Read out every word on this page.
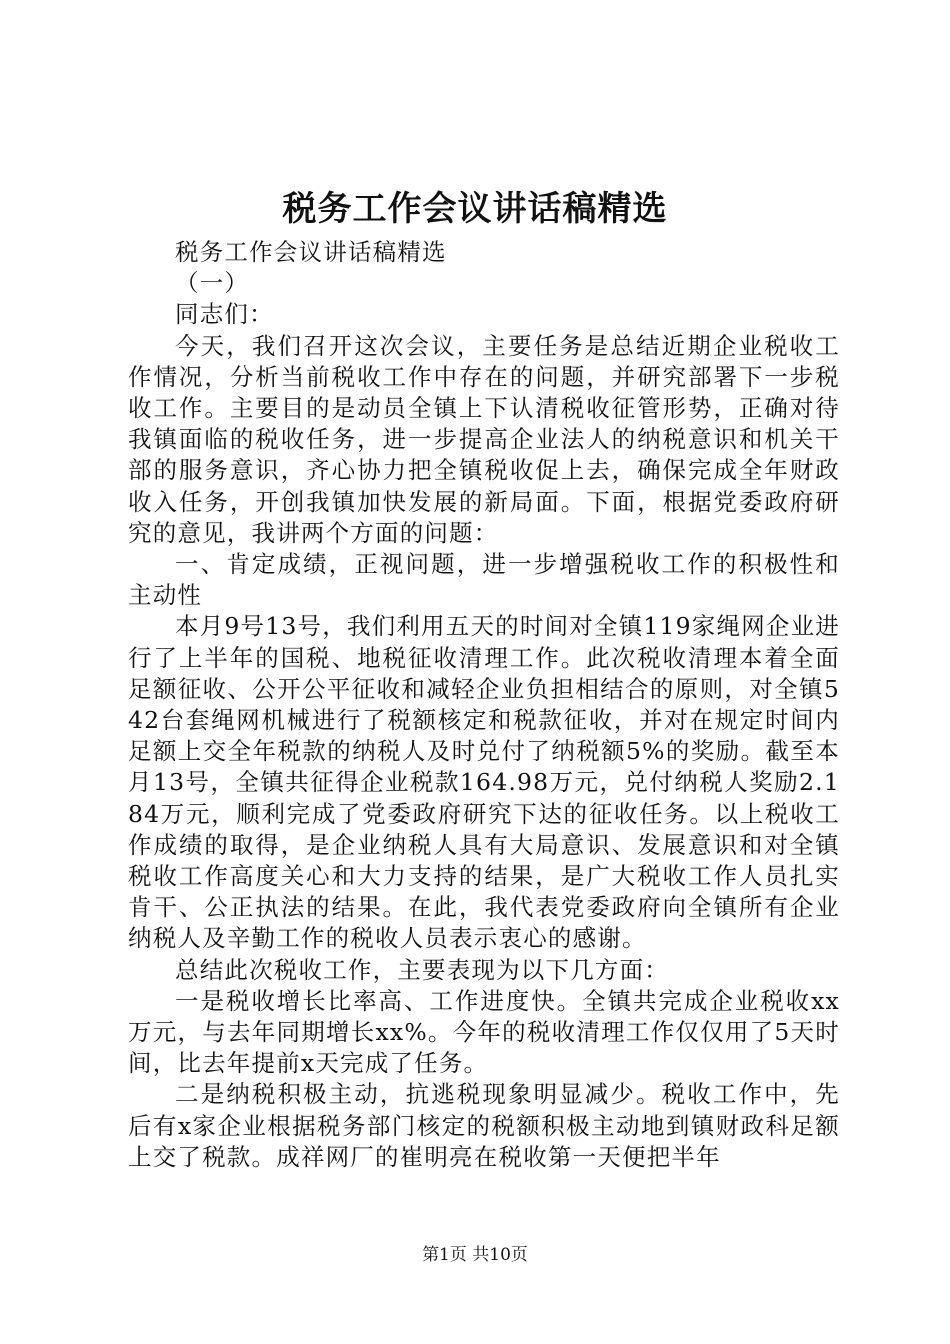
税务工作会议讲话稿精选

税务工作会议讲话稿精选

（一）

同志们：

今天，我们召开这次会议，主要任务是总结近期企业税收工作情况，分析当前税收工作中存在的问题，并研究部署下一步税收工作。主要目的是动员全镇上下认清税收征管形势，正确对待我镇面临的税收任务，进一步提高企业法人的纳税意识和机关干部的服务意识，齐心协力把全镇税收促上去，确保完成全年财政收入任务，开创我镇加快发展的新局面。下面，根据党委政府研究的意见，我讲两个方面的问题：

一、肯定成绩，正视问题，进一步增强税收工作的积极性和主动性

本月9号13号，我们利用五天的时间对全镇119家绳网企业进行了上半年的国税、地税征收清理工作。此次税收清理本着全面足额征收、公开公平征收和减轻企业负担相结合的原则，对全镇542台套绳网机械进行了税额核定和税款征收，并对在规定时间内足额上交全年税款的纳税人及时兑付了纳税额5%的奖励。截至本月13号，全镇共征得企业税款164.98万元，兑付纳税人奖励2.184万元，顺利完成了党委政府研究下达的征收任务。以上税收工作成绩的取得，是企业纳税人具有大局意识、发展意识和对全镇税收工作高度关心和大力支持的结果，是广大税收工作人员扎实肯干、公正执法的结果。在此，我代表党委政府向全镇所有企业纳税人及辛勤工作的税收人员表示衷心的感谢。

总结此次税收工作，主要表现为以下几方面：

一是税收增长比率高、工作进度快。全镇共完成企业税收xx万元，与去年同期增长xx%。今年的税收清理工作仅仅用了5天时间，比去年提前x天完成了任务。

二是纳税积极主动，抗逃税现象明显减少。税收工作中，先后有x家企业根据税务部门核定的税额积极主动地到镇财政科足额上交了税款。成祥网厂的崔明亮在税收第一天便把半年

第1页 共10页
